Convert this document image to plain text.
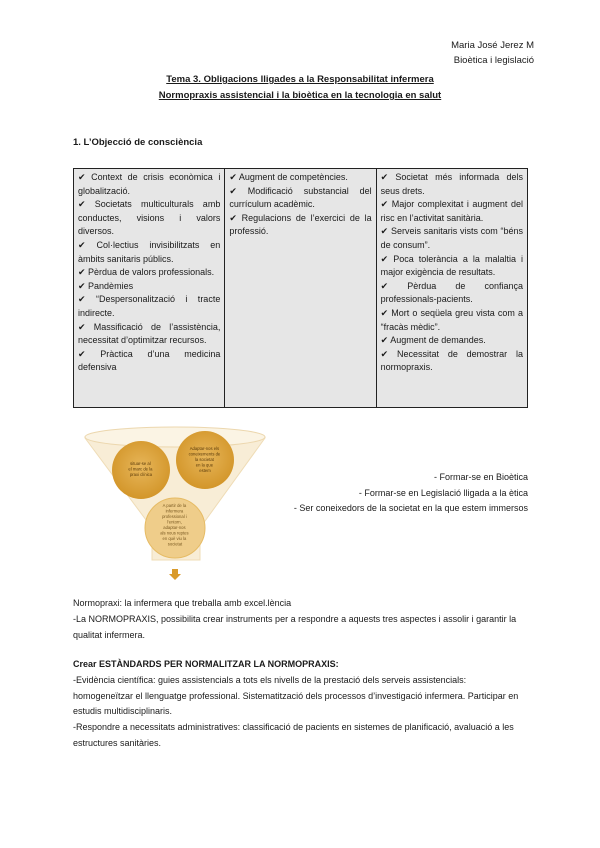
Maria José Jerez M
Bioètica i legislació
Tema 3. Obligacions lligades a la Responsabilitat infermera
Normopraxis assistencial i la bioètica en la tecnologia en salut
1. L’Objecció de consciència
✔ Context de crisis econòmica i globalització.
✔ Societats multiculturals amb conductes, visions i valors diversos.
✔ Col·lectius invisibilitzats en àmbits sanitaris públics.
✔ Pèrdua de valors professionals.
✔ Pandèmies
✔ “Despersonalització i tracte indirecte.
✔ Massificació de l’assistència, necessitat d’optimitzar recursos.
✔ Pràctica d’una medicina defensiva

✔ Augment de competències.
✔ Modificació substancial del currículum acadèmic.
✔ Regulacions de l’exercici de la professió.

✔ Societat més informada dels seus drets.
✔ Major complexitat i augment del risc en l’activitat sanitària.
✔ Serveis sanitaris vists com “béns de consum”.
✔ Poca tolerància a la malaltia i major exigència de resultats.
✔ Pèrdua de confiança professionals-pacients.
✔ Mort o seqüela greu vista com a “fracàs mèdic”.
✔ Augment de demandes.
✔ Necessitat de demostrar la normopraxis.
situar-se al el marc de la praxi clínica
Adaptar-nos els coneixements de la societat en la que estem
A partir de la infermera professional i l'entorn, adaptar-nos als nous reptes en què viu la societat
- Formar-se en Bioètica
- Formar-se en Legislació lligada a la ètica
- Ser coneixedors de la societat en la que estem immersos
Normopraxi: la infermera que treballa amb excel.lència
-La NORMOPRAXIS, possibilita crear instruments per a respondre a aquests tres aspectes i assolir i garantir la qualitat infermera.
Crear ESTÀNDARDS PER NORMALITZAR LA NORMOPRAXIS:
-Evidència científica: guies assistencials a tots els nivells de la prestació dels serveis assistencials: homogeneïtzar el llenguatge professional. Sistematització dels processos d’investigació infermera. Participar en estudis multidisciplinaris.
-Respondre a necessitats administratives: classificació de pacients en sistemes de planificació, avaluació a les estructures sanitàries.
